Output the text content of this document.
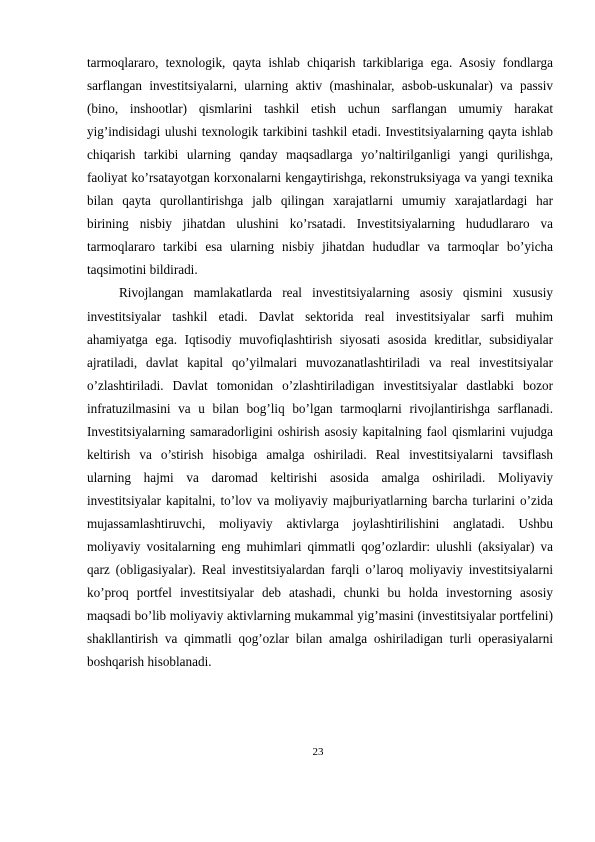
tarmoqlararo, texnologik, qayta ishlab chiqarish tarkiblariga ega. Asosiy fondlarga sarflangan investitsiyalarni, ularning aktiv (mashinalar, asbob-uskunalar) va passiv (bino, inshootlar) qismlarini tashkil etish uchun sarflangan umumiy harakat yig’indisidagi ulushi texnologik tarkibini tashkil etadi. Investitsiyalarning qayta ishlab chiqarish tarkibi ularning qanday maqsadlarga yo’naltirilganligi yangi qurilishga, faoliyat ko’rsatayotgan korxonalarni kengaytirishga, rekonstruksiyaga va yangi texnika bilan qayta qurollantirishga jalb qilingan xarajatlarni umumiy xarajatlardagi har birining nisbiy jihatdan ulushini ko’rsatadi. Investitsiyalarning hududlararo va tarmoqlararo tarkibi esa ularning nisbiy jihatdan hududlar va tarmoqlar bo’yicha taqsimotini bildiradi.

Rivojlangan mamlakatlarda real investitsiyalarning asosiy qismini xususiy investitsiyalar tashkil etadi. Davlat sektorida real investitsiyalar sarfi muhim ahamiyatga ega. Iqtisodiy muvofiqlashtirish siyosati asosida kreditlar, subsidiyalar ajratiladi, davlat kapital qo’yilmalari muvozanatlashtiriladi va real investitsiyalar o’zlashtiriladi. Davlat tomonidan o’zlashtiriladigan investitsiyalar dastlabki bozor infratuzilmasini va u bilan bog’liq bo’lgan tarmoqlarni rivojlantirishga sarflanadi. Investitsiyalarning samaradorligini oshirish asosiy kapitalning faol qismlarini vujudga keltirish va o’stirish hisobiga amalga oshiriladi. Real investitsiyalarni tavsiflash ularning hajmi va daromad keltirishi asosida amalga oshiriladi. Moliyaviy investitsiyalar kapitalni, to’lov va moliyaviy majburiyatlarning barcha turlarini o’zida mujassamlashtiruvchi, moliyaviy aktivlarga joylashtirilishini anglatadi. Ushbu moliyaviy vositalarning eng muhimlari qimmatli qog’ozlardir: ulushli (aksiyalar) va qarz (obligasiyalar). Real investitsiyalardan farqli o’laroq moliyaviy investitsiyalarni ko’proq portfel investitsiyalar deb atashadi, chunki bu holda investorning asosiy maqsadi bo’lib moliyaviy aktivlarning mukammal yig’masini (investitsiyalar portfelini) shakllantirish va qimmatli qog’ozlar bilan amalga oshiriladigan turli operasiyalarni boshqarish hisoblanadi.

23
